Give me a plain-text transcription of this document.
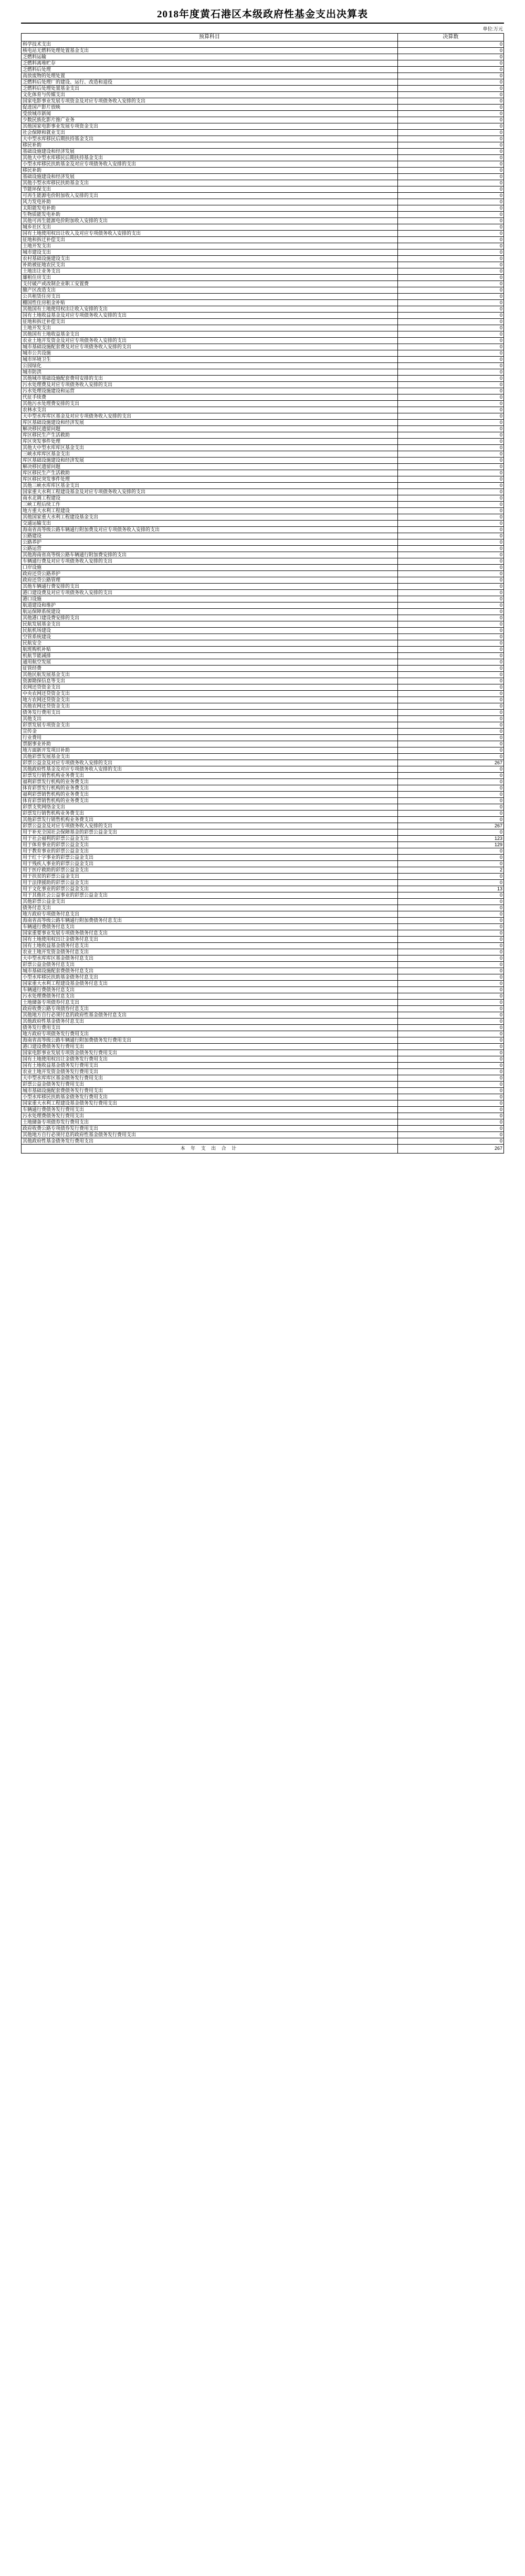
2018年度黄石港区本级政府性基金支出决算表
单位:万元
预算科目	决算数
科学技术支出	0
核电站无燃料处理处置基金支出	0
乏燃料运输	0
乏燃料离堆贮存	0
乏燃料后处理	0
高放废物的处理处置	0
乏燃料后处理厂的建设、运行、改造和退役	0
乏燃料后处理处置基金支出	0
文化体育与传媒支出	0
国家电影事业发展专项资金及对应专项债务收入安排的支出	0
促进国产影片放映	0
受放城市新闻	0
少数民族化影片推广业务	0
其他国家电影事业发展专项资金支出	0
社会保障和就业支出	0
大中型水库移民后期扶持基金支出	0
移民补助	0
基础设施建设和经济发展	0
其他大中型水库移民后期扶持基金支出	0
小型水库移民扶助基金及对应专项债务收入安排的支出	0
移民补助	0
基础设施建设和经济发展	0
其他小型水库移民扶助基金支出	0
节能环保支出	0
可再生能源电价附加收入安排的支出	0
风力发电补助	0
太阳能发电补助	0
生物质能发电补助	0
其他可再生能源电价附加收入安排的支出	0
城乡社区支出	0
国有土地使用权出让收入及对应专项债务收入安排的支出	0
征地和拆迁补偿支出	0
土地开发支出	0
城市建设支出	0
农村基础设施建设支出	0
补助被征地农民支出	0
土地出让业务支出	0
廉租住房支出	0
支付破产或改制企业职工安置费	0
撤产区改造支出	0
公共租赁住房支出	0
棚国性住房租金补贴	0
其他国有土地使用权出让收入安排的支出	0
国有土地收益基金及对应专项债务收入安排的支出	0
征地和拆迁补偿支出	0
土地开发支出	0
其他国有土地收益基金支出	0
农业土地开发资金及对应专项债务收入安排的支出	0
城市基础设施配套费及对应专项债务收入安排的支出	0
城市公共设施	0
城市环境卫生	0
公园绿化	0
城市防洪	0
其他城市基础设施配套费用安排的支出	0
污水处理费及对应专项债务收入安排的支出	0
污水处理设施建设和运营	0
代征手续费	0
其他污水处理费安排的支出	0
农林水支出	0
大中型水库库区基金及对应专项债务收入安排的支出	0
库区基础设施建设和经济发展	0
解决移民遗留问题	0
库区移民生产生活救助	0
库区突发事件处理	0
其他大中型水库库区基金支出	0
三峡水库库区基金支出	0
库区基础设施建设和经济发展	0
解决移民遗留问题	0
库区移民生产生活救助	0
库区移民突发事件处理	0
其他三峡水库库区基金支出	0
国家重大水利工程建设基金及对应专项债务收入安排的支出	0
南水北调工程建设	0
三峡工程后续工作	0
地方重大水利工程建设	0
其他国家重大水利工程建设基金支出	0
交通运输支出	0
海南省高等级公路车辆通行附加费及对应专项债务收入安排的支出	0
公路建设	0
公路养护	0
公路运营	0
其他海南省高等级公路车辆通行附加费安排的支出	0
车辆通行费及对应专项债务收入安排的支出	0
口岸设施	0
政府还贷公路养护	0
政府还贷公路管理	0
其他车辆通行费安排的支出	0
港口建设费及对应专项债务收入安排的支出	0
港口设施	0
航道建设和维护	0
航运保障系统建设	0
其他港口建设费安排的支出	0
民航发展基金支出	0
民航机场建设	0
空管系统建设	0
民航安全	0
航班购机补贴	0
机航节能减排	0
通用航空发展	0
征管经费	0
其他民航发展基金支出	0
资源勘探信息等支出	0
农网还贷资金支出	0
中央农网还贷资金支出	0
地方农网还贷资金支出	0
其他农网还贷资金支出	0
债务发行费用支出	0
其他支出	0
彩票发展专项资金支出	0
宣传金	0
行业费用	0
票据事业补助	0
地方面新开发项目补助	0
其他彩票发展基金支出	0
彩票公益金及对应专项债务收入安排的支出	267
其他政府性基金及对应专项债务收入安排的支出	0
彩票发行销售机构业务费支出	0
福利彩票发行机构的业务费支出	0
体育彩票发行机构的业务费支出	0
福利彩票销售机构的业务费支出	0
体育彩票销售机构的业务费支出	0
彩票支奖网络金支出	0
彩票发行销售机构业务费支出	0
其他彩票发行销售机构业务费支出	0
彩票公益金及对应专项债务收入安排的支出	267
用于补充全国社会保障基金的彩票公益金支出	0
用于社会福利的彩票公益金支出	123
用于体育事业的彩票公益金支出	129
用于教育事业的彩票公益金支出	0
用于红十字事业的彩票公益金支出	0
用于残疾人事业的彩票公益金支出	0
用于医疗救助的彩票公益金支出	2
用于扶贫的彩票公益金支出	0
用于法律援助的彩票公益金支出	0
用于文化事业的彩票公益金支出	13
用于其他社会公益事业的彩票公益金支出	0
其他彩票公益金支出	0
债务付息支出	0
地方政府专项债务付息支出	0
海南省高等级公路车辆通行附加费债务付息支出	0
车辆通行费债务付息支出	0
国家重要事业发展专项债务债务付息支出	0
国有土地使用权出让金债务付息支出	0
国有土地收益基金债务付息支出	0
农业土地开发资金债务付息支出	0
大中型水库库区基金债务付息支出	0
彩票公益金债务付息支出	0
城市基础设施配套费债务付息支出	0
小型水库移民扶助基金债务付息支出	0
国家重大水利工程建设基金债务付息支出	0
车辆通行费债务付息支出	0
污水处理费债务付息支出	0
土地储备专项债券付息支出	0
政府收费公路专项债券付息支出	0
其他地方自行必须付息的政府性基金债务付息支出	0
其他政府性基金债务付息支出	0
债务发行费用支出	0
地方政府专项债务发行费用支出	0
海南省高等级公路车辆通行附加费债务发行费用支出	0
港口建设费债务发行费用支出	0
国家电影事业发展专项资金债务发行费用支出	0
国有土地使用权出让金债务发行费用支出	0
国有土地收益基金债务发行费用支出	0
农业土地开发资金债务发行费用支出	0
大中型水库库区基金债务发行费用支出	0
彩票公益金债务发行费用支出	0
城市基础设施配套费债务发行费用支出	0
小型水库移民扶助基金债务发行费用支出	0
国家重大水利工程建设基金债务发行费用支出	0
车辆通行费债务发行费用支出	0
污水处理费债务发行费用支出	0
土地储备专项债券发行费用支出	0
政府收费公路专项债券发行费用支出	0
其他地方自行必须付息的政府性基金债务发行费用支出	0
其他政府性基金债务发行费用支出	0
本 年 支 出 合 计	267
